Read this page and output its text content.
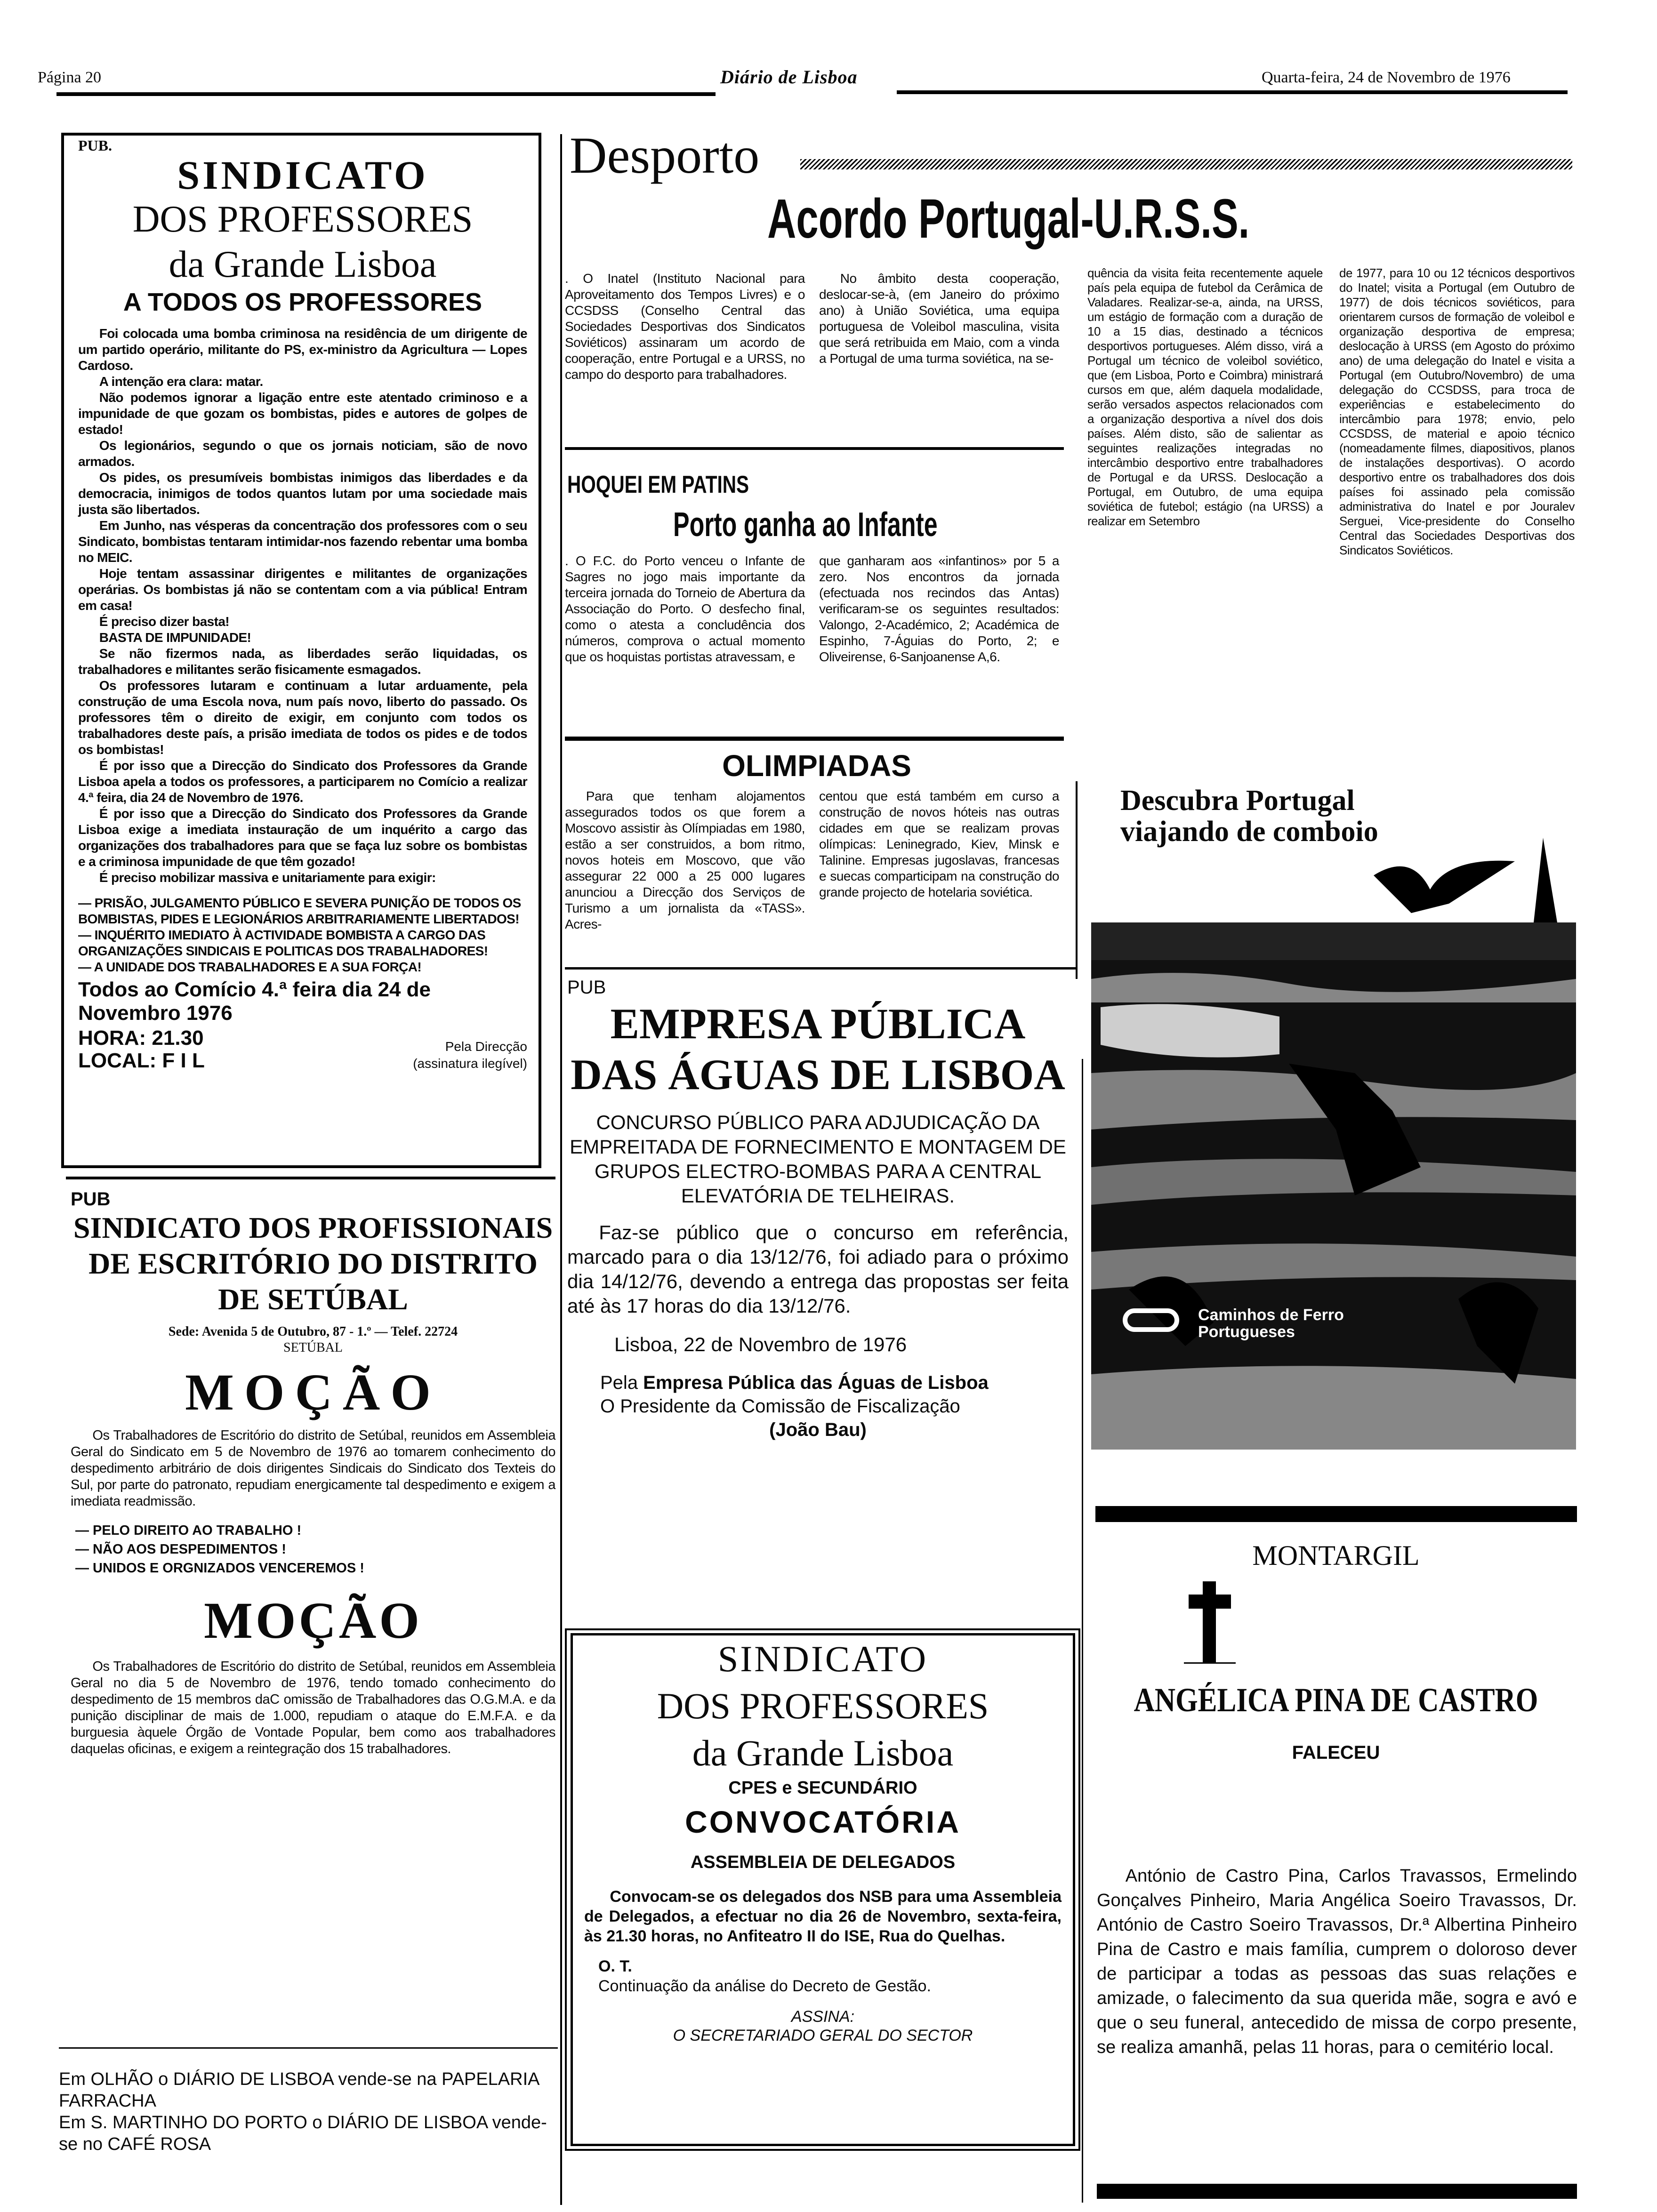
Página 20	Diário de Lisboa	Quarta-feira, 24 de Novembro de 1976
PUB.
SINDICATO
DOS PROFESSORES
da Grande Lisboa
A TODOS OS PROFESSORES

Foi colocada uma bomba criminosa na residência de um dirigente de um partido operário, militante do PS, ex-ministro da Agricultura — Lopes Cardoso.

A intenção era clara: matar.

Não podemos ignorar a ligação entre este atentado criminoso e a impunidade de que gozam os bombistas, pides e autores de golpes de estado!

Os legionários, segundo o que os jornais noticiam, são de novo armados.

Os pides, os presumíveis bombistas inimigos das liberdades e da democracia, inimigos de todos quantos lutam por uma sociedade mais justa são libertados.

Em Junho, nas vésperas da concentração dos professores com o seu Sindicato, bombistas tentaram intimidar-nos fazendo rebentar uma bomba no MEIC.

Hoje tentam assassinar dirigentes e militantes de organizações operárias. Os bombistas já não se contentam com a via pública! Entram em casa!

É preciso dizer basta!

BASTA DE IMPUNIDADE!

Se não fizermos nada, as liberdades serão liquidadas, os trabalhadores e militantes serão fisicamente esmagados.

Os professores lutaram e continuam a lutar arduamente, pela construção de uma Escola nova, num país novo, liberto do passado. Os professores têm o direito de exigir, em conjunto com todos os trabalhadores deste país, a prisão imediata de todos os pides e de todos os bombistas!

É por isso que a Direcção do Sindicato dos Professores da Grande Lisboa apela a todos os professores, a participarem no Comício a realizar 4.ª feira, dia 24 de Novembro de 1976.

É por isso que a Direcção do Sindicato dos Professores da Grande Lisboa exige a imediata instauração de um inquérito a cargo das organizações dos trabalhadores para que se faça luz sobre os bombistas e a criminosa impunidade de que têm gozado!

É preciso mobilizar massiva e unitariamente para exigir:

— PRISÃO, JULGAMENTO PÚBLICO E SEVERA PUNIÇÃO DE TODOS OS BOMBISTAS, PIDES E LEGIONÁRIOS ARBITRARIAMENTE LIBERTADOS!

— INQUÉRITO IMEDIATO À ACTIVIDADE BOMBISTA A CARGO DAS ORGANIZAÇÕES SINDICAIS E POLITICAS DOS TRABALHADORES!

— A UNIDADE DOS TRABALHADORES E A SUA FORÇA!

Todos ao Comício 4.ª feira dia 24 de Novembro 1976
HORA: 21.30
LOCAL: F I L
Pela Direcção
(assinatura ilegível)
PUB
SINDICATO DOS PROFISSIONAIS DE ESCRITÓRIO DO DISTRITO DE SETÚBAL
Sede: Avenida 5 de Outubro, 87 - 1.º — Telef. 22724
SETÚBAL
MOÇÃO
Os Trabalhadores de Escritório do distrito de Setúbal, reunidos em Assembleia Geral do Sindicato em 5 de Novembro de 1976 ao tomarem conhecimento do despedimento arbitrário de dois dirigentes Sindicais do Sindicato dos Texteis do Sul, por parte do patronato, repudiam energicamente tal despedimento e exigem a imediata readmissão.

— PELO DIREITO AO TRABALHO !

— NÃO AOS DESPEDIMENTOS !

— UNIDOS E ORGNIZADOS VENCEREMOS !

MOÇÃO
Os Trabalhadores de Escritório do distrito de Setúbal, reunidos em Assembleia Geral no dia 5 de Novembro de 1976, tendo tomado conhecimento do despedimento de 15 membros daC omissão de Trabalhadores das O.G.M.A. e da punição disciplinar de mais de 1.000, repudiam o ataque do E.M.F.A. e da burguesia àquele Órgão de Vontade Popular, bem como aos trabalhadores daquelas oficinas, e exigem a reintegração dos 15 trabalhadores.

Em OLHÃO o DIÁRIO DE LISBOA vende-se na PAPELARIA FARRACHA

Em S. MARTINHO DO PORTO o DIÁRIO DE LISBOA vende-se no CAFÉ ROSA

Desporto
Acordo Portugal-U.R.S.S.
. O Inatel (Instituto Nacional para Aproveitamento dos Tempos Livres) e o CCSDSS (Conselho Central das Sociedades Desportivas dos Sindicatos Soviéticos) assinaram um acordo de cooperação, entre Portugal e a URSS, no campo do desporto para trabalhadores.
No âmbito desta cooperação, deslocar-se-à, (em Janeiro do próximo ano) à União Soviética, uma equipa portuguesa de Voleibol masculina, visita que será retribuida em Maio, com a vinda a Portugal de uma turma soviética, na se-
quência da visita feita recentemente aquele país pela equipa de futebol da Cerâmica de Valadares. Realizar-se-a, ainda, na URSS, um estágio de formação com a duração de 10 a 15 dias, destinado a técnicos desportivos portugueses. Além disso, virá a Portugal um técnico de voleibol soviético, que (em Lisboa, Porto e Coimbra) ministrará cursos em que, além daquela modalidade, serão versados aspectos relacionados com a organização desportiva a nível dos dois países. Além disto, são de salientar as seguintes realizações integradas no intercâmbio desportivo entre trabalhadores de Portugal e da URSS. Deslocação a Portugal, em Outubro, de uma equipa soviética de futebol; estágio (na URSS) a realizar em Setembro
de 1977, para 10 ou 12 técnicos desportivos do Inatel; visita a Portugal (em Outubro de 1977) de dois técnicos soviéticos, para orientarem cursos de formação de voleibol e organização desportiva de empresa; deslocação à URSS (em Agosto do próximo ano) de uma delegação do Inatel e visita a Portugal (em Outubro/Novembro) de uma delegação do CCSDSS, para troca de experiências e estabelecimento do intercâmbio para 1978; envio, pelo CCSDSS, de material e apoio técnico (nomeadamente filmes, diapositivos, planos de instalações desportivas). O acordo desportivo entre os trabalhadores dos dois países foi assinado pela comissão administrativa do Inatel e por Jouralev Serguei, Vice-presidente do Conselho Central das Sociedades Desportivas dos Sindicatos Soviéticos.
HOQUEI EM PATINS
Porto ganha ao Infante
. O F.C. do Porto venceu o Infante de Sagres no jogo mais importante da terceira jornada do Torneio de Abertura da Associação do Porto. O desfecho final, como o atesta a concludência dos números, comprova o actual momento que os hoquistas portistas atravessam, e
que ganharam aos «infantinos» por 5 a zero. Nos encontros da jornada (efectuada nos recindos das Antas) verificaram-se os seguintes resultados: Valongo, 2-Académico, 2; Académica de Espinho, 7-Águias do Porto, 2; e Oliveirense, 6-Sanjoanense A,6.
OLIMPIADAS
Para que tenham alojamentos assegurados todos os que forem a Moscovo assistir às Olímpiadas em 1980, estão a ser construidos, a bom ritmo, novos hoteis em Moscovo, que vão assegurar 22 000 a 25 000 lugares anunciou a Direcção dos Serviços de Turismo a um jornalista da «TASS». Acres-
centou que está também em curso a construção de novos hóteis nas outras cidades em que se realizam provas olímpicas: Leninegrado, Kiev, Minsk e Talinine. Empresas jugoslavas, francesas e suecas comparticipam na construção do grande projecto de hotelaria soviética.
PUB
EMPRESA PÚBLICA
DAS ÁGUAS DE LISBOA
CONCURSO PÚBLICO PARA ADJUDICAÇÃO DA EMPREITADA DE FORNECIMENTO E MONTAGEM DE GRUPOS ELECTRO-BOMBAS PARA A CENTRAL ELEVATÓRIA DE TELHEIRAS.
Faz-se público que o concurso em referência, marcado para o dia 13/12/76, foi adiado para o próximo dia 14/12/76, devendo a entrega das propostas ser feita até às 17 horas do dia 13/12/76.
Lisboa, 22 de Novembro de 1976
Pela Empresa Pública das Águas de Lisboa
O Presidente da Comissão de Fiscalização
(João Bau)
SINDICATO
DOS PROFESSORES
da Grande Lisboa
CPES e SECUNDÁRIO
CONVOCATÓRIA
ASSEMBLEIA DE DELEGADOS
Convocam-se os delegados dos NSB para uma Assembleia de Delegados, a efectuar no dia 26 de Novembro, sexta-feira, às 21.30 horas, no Anfiteatro II do ISE, Rua do Quelhas.
O. T.
Continuação da análise do Decreto de Gestão.
ASSINA:
O SECRETARIADO GERAL DO SECTOR

Descubra Portugal

viajando de comboio

Caminhos de Ferro

Portugueses

MONTARGIL
ANGÉLICA PINA DE CASTRO
FALECEU
António de Castro Pina, Carlos Travassos, Ermelindo Gonçalves Pinheiro, Maria Angélica Soeiro Travassos, Dr. António de Castro Soeiro Travassos, Dr.ª Albertina Pinheiro Pina de Castro e mais família, cumprem o doloroso dever de participar a todas as pessoas das suas relações e amizade, o falecimento da sua querida mãe, sogra e avó e que o seu funeral, antecedido de missa de corpo presente, se realiza amanhã, pelas 11 horas, para o cemitério local.
